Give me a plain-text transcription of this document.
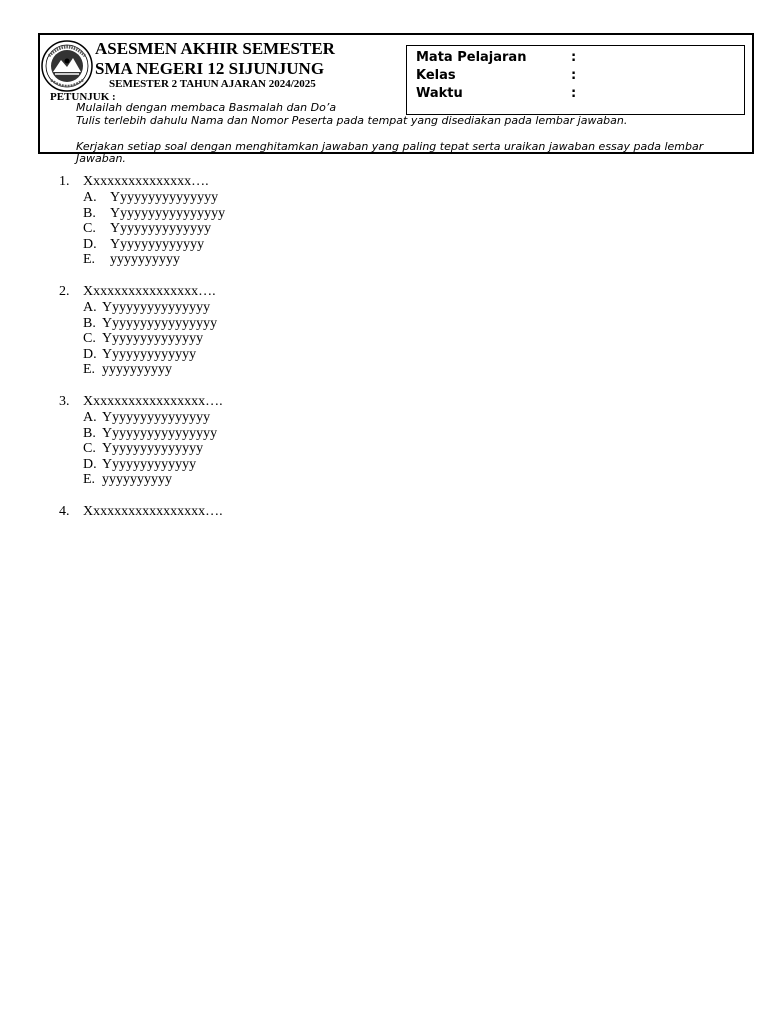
ASESMEN AKHIR SEMESTER
SMA NEGERI 12 SIJUNJUNG
SEMESTER 2 TAHUN AJARAN 2024/2025
Mata Pelajaran	:
Kelas	:
Waktu	:
PETUNJUK :
Mulailah dengan membaca Basmalah dan Do’a
Tulis terlebih dahulu Nama dan Nomor Peserta pada tempat yang disediakan pada lembar jawaban.
Kerjakan setiap soal dengan menghitamkan jawaban yang paling tepat serta uraikan jawaban essay pada lembar Jawaban.
1. Xxxxxxxxxxxxxxx….
A. Yyyyyyyyyyyyyyy
B. Yyyyyyyyyyyyyyyy
C. Yyyyyyyyyyyyyy
D. Yyyyyyyyyyyyy
E. yyyyyyyyyy
2. Xxxxxxxxxxxxxxxx….
A. Yyyyyyyyyyyyyyy
B. Yyyyyyyyyyyyyyyy
C. Yyyyyyyyyyyyyy
D. Yyyyyyyyyyyyy
E. yyyyyyyyyy
3. Xxxxxxxxxxxxxxxxx….
A. Yyyyyyyyyyyyyyy
B. Yyyyyyyyyyyyyyyy
C. Yyyyyyyyyyyyyy
D. Yyyyyyyyyyyyy
E. yyyyyyyyyy
4. Xxxxxxxxxxxxxxxxx….
